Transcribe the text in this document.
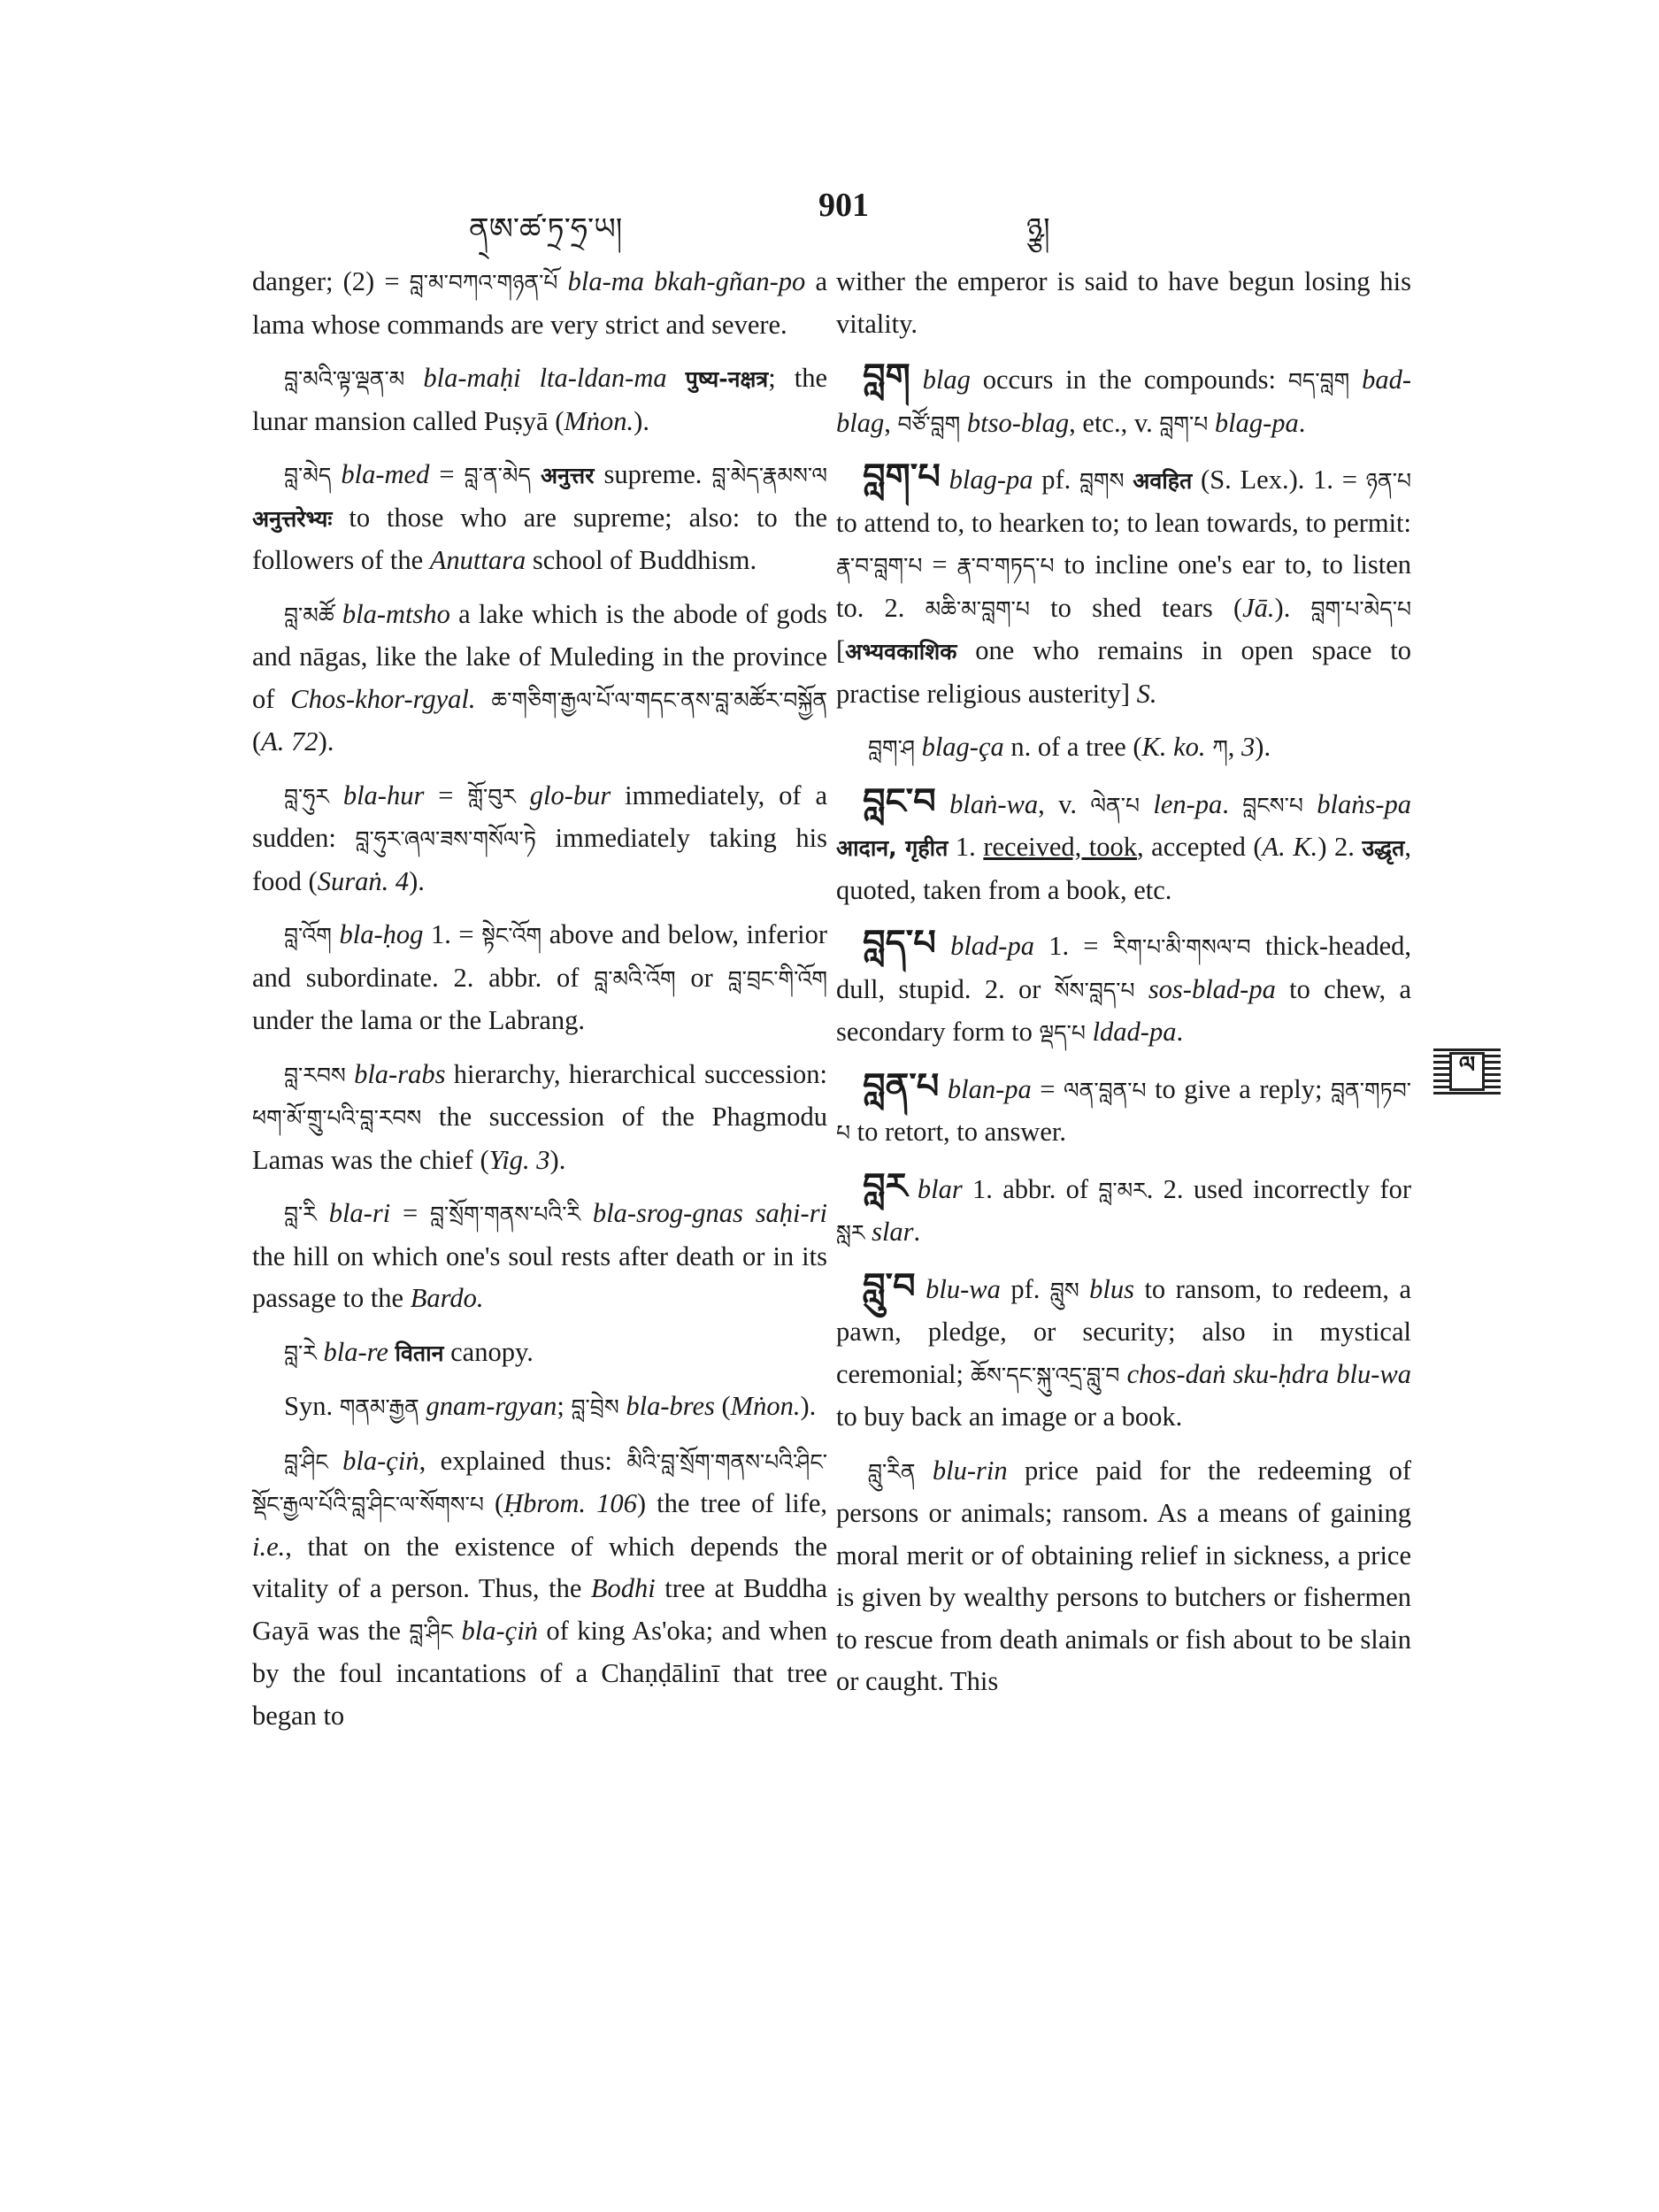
ན྄ཨ་ཚ་ཏྲ་ཧྲ་ཡ།
901
ཉྩ།

danger; (2) = བླ་མ་བཀའ་གཉན་པོ bla-ma bkah-gñan-po a lama whose commands are very strict and severe.

བླ་མའི་ལྟ་ལྡན་མ bla-maḥi lta-ldan-ma पुष्य-नक्षत्र; the lunar mansion called Puṣyā (Mṅon.).

བླ་མེད bla-med = བླ་ན་མེད अनुत्तर supreme. བླ་མེད་རྣམས་ལ अनुत्तरेभ्यः to those who are supreme; also: to the followers of the Anuttara school of Buddhism.

བླ་མཚོ bla-mtsho a lake which is the abode of gods and nāgas, like the lake of Muleding in the province of Chos-khor-rgyal. ཆ་གཅིག་རྒྱལ་པོ་ལ་གདང་ནས་བླ་མཚོར་བསྐྱོན (A. 72).

བླ་ཧུར bla-hur = གློ་བུར glo-bur immediately, of a sudden: བླ་ཧུར་ཞལ་ཟས་གསོལ་ཏེ immediately taking his food (Suraṅ. 4).

བླ་འོག bla-ḥog 1. = སྟེང་འོག above and below, inferior and subordinate. 2. abbr. of བླ་མའི་འོག or བླ་བྲང་གི་འོག under the lama or the Labrang.

བླ་རབས bla-rabs hierarchy, hierarchical succession: ཕག་མོ་གྲུ་པའི་བླ་རབས the succession of the Phagmodu Lamas was the chief (Yig. 3).

བླ་རི bla-ri = བླ་སྲོག་གནས་པའི་རི bla-srog-gnas saḥi-ri the hill on which one's soul rests after death or in its passage to the Bardo.

བླ་རེ bla-re वितान canopy.

Syn. གནམ་རྒྱན gnam-rgyan; བླ་བྲེས bla-bres (Mṅon.).

བླ་ཤིང bla-çiṅ, explained thus: མིའི་བླ་སྲོག་གནས་པའི་ཤིང་སྡོང་རྒྱལ་པོའི་བླ་ཤིང་ལ་སོགས་པ (Ḥbrom. 106) the tree of life, i.e., that on the existence of which depends the vitality of a person. Thus, the Bodhi tree at Buddha Gayā was the བླ་ཤིང bla-çiṅ of king As'oka; and when by the foul incantations of a Chaṇḍālinī that tree began to

wither the emperor is said to have begun losing his vitality.

བླག blag occurs in the compounds: བད་བླག bad-blag, བཙོ་བླག btso-blag, etc., v. བླག་པ blag-pa.

བླག་པ blag-pa pf. བླགས अवहित (S. Lex.). 1. = ཉན་པ to attend to, to hearken to; to lean towards, to permit: རྣ་བ་བླག་པ = རྣ་བ་གཏད་པ to incline one's ear to, to listen to. 2. མཆི་མ་བླག་པ to shed tears (Jā.). བླག་པ་མེད་པ [अभ्यवकाशिक one who remains in open space to practise religious austerity] S.

བླག་ཤ blag-ça n. of a tree (K. ko. ཀ, 3).

བླང་བ blaṅ-wa, v. ལེན་པ len-pa. བླངས་པ blaṅs-pa आदान, गृहीत 1. received, took, accepted (A. K.) 2. उद्धृत, quoted, taken from a book, etc.

བླད་པ blad-pa 1. = རིག་པ་མི་གསལ་བ thick-headed, dull, stupid. 2. or སོས་བླད་པ sos-blad-pa to chew, a secondary form to ལྡད་པ ldad-pa.

བླན་པ blan-pa = ལན་བླན་པ to give a reply; བླན་གཏབ་པ to retort, to answer.

བླར blar 1. abbr. of བླ་མར. 2. used incorrectly for སླར slar.

བླུ་བ blu-wa pf. བླུས blus to ransom, to redeem, a pawn, pledge, or security; also in mystical ceremonial; ཆོས་དང་སྐུ་འདྲ་བླུ་བ chos-daṅ sku-ḥdra blu-wa to buy back an image or a book.

བླུ་རིན blu-rin price paid for the redeeming of persons or animals; ransom. As a means of gaining moral merit or of obtaining relief in sickness, a price is given by wealthy persons to butchers or fishermen to rescue from death animals or fish about to be slain or caught. This

ལ
